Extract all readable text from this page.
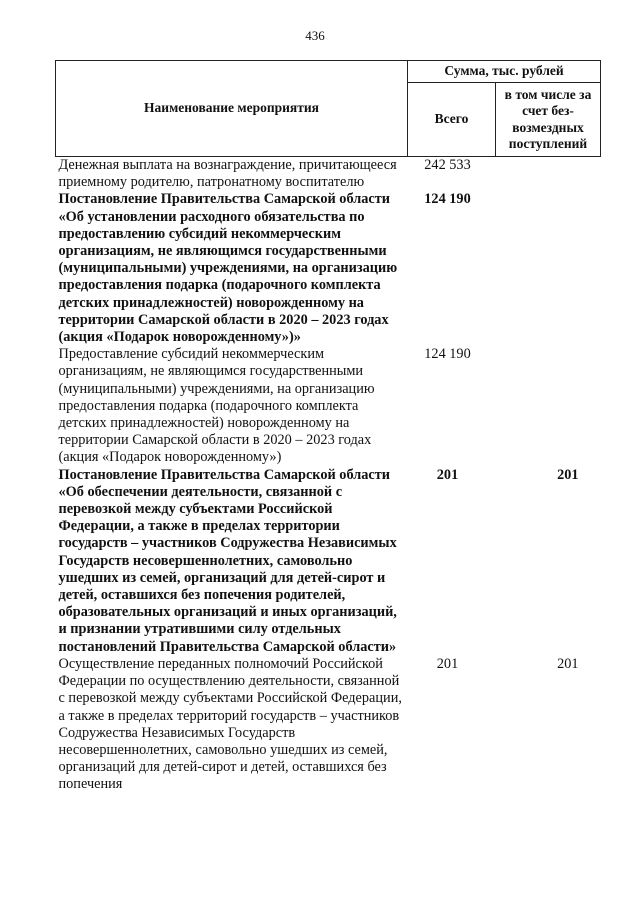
436
Наименование мероприятия	Сумма, тыс. рублей	
	Всего	в том числе за счет без-возмездных поступлений
Денежная выплата на вознаграждение, причитающееся приемному родителю, патронатному воспитателю	242 533	
Постановление Правительства Самарской области «Об установлении расходного обязательства по предоставлению субсидий некоммерческим организациям, не являющимся государственными (муниципальными) учреждениями, на организацию предоставления подарка (подарочного комплекта детских принадлежностей) новорожденному на территории Самарской области в 2020 – 2023 годах (акция «Подарок новорожденному»)»	124 190	
Предоставление субсидий некоммерческим организациям, не являющимся государственными (муниципальными) учреждениями, на организацию предоставления подарка (подарочного комплекта детских принадлежностей) новорожденному на территории Самарской области в 2020 – 2023 годах (акция «Подарок новорожденному»)	124 190	
Постановление Правительства Самарской области «Об обеспечении деятельности, связанной с перевозкой между субъектами Российской Федерации, а также в пределах территории государств – участников Содружества Независимых Государств несовершеннолетних, самовольно ушедших из семей, организаций для детей-сирот и детей, оставшихся без попечения родителей, образовательных организаций и иных организаций, и признании утратившими силу отдельных постановлений Правительства Самарской области»	201	201
Осуществление переданных полномочий Российской Федерации по осуществлению деятельности, связанной с перевозкой между субъектами Российской Федерации, а также в пределах территорий государств – участников Содружества Независимых Государств несовершеннолетних, самовольно ушедших из семей, организаций для детей-сирот и детей, оставшихся без попечения	201	201
